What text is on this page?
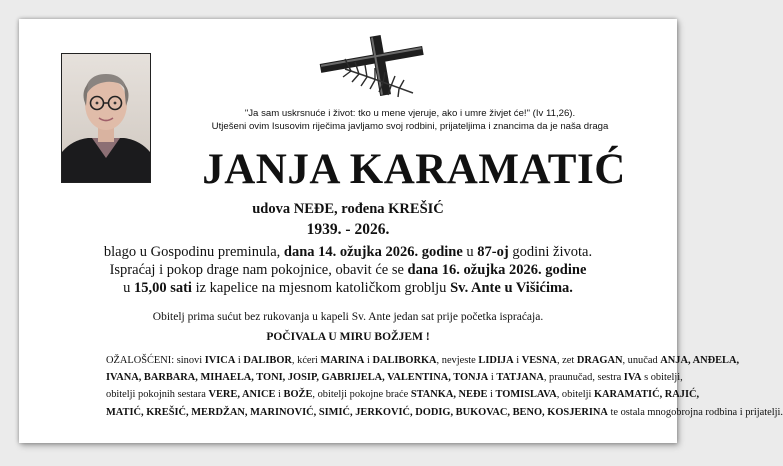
"Ja sam uskrsnuće i život: tko u mene vjeruje, ako i umre živjet će!" (Iv 11,26).
Utješeni ovim Isusovim riječima javljamo svoj rodbini, prijateljima i znancima da je naša draga
JANJA KARAMATIĆ
udova NEĐE, rođena KREŠIĆ
1939. - 2026.
blago u Gospodinu preminula, dana 14. ožujka 2026. godine u 87-oj godini života.
Ispraćaj i pokop drage nam pokojnice, obavit će se dana 16. ožujka 2026. godine
u 15,00 sati iz kapelice na mjesnom katoličkom groblju Sv. Ante u Višićima.
Obitelj prima sućut bez rukovanja u kapeli Sv. Ante jedan sat prije početka ispraćaja.
POČIVALA U MIRU BOŽJEM !
OŽALOŠĆENI: sinovi IVICA i DALIBOR, kćeri MARINA i DALIBORKA, nevjeste LIDIJA i VESNA, zet DRAGAN, unučad ANJA, ANĐELA,
IVANA, BARBARA, MIHAELA, TONI, JOSIP, GABRIJELA, VALENTINA, TONJA i TATJANA, praunučad, sestra IVA s obitelji,
obitelji pokojnih sestara VERE, ANICE i BOŽE, obitelji pokojne braće STANKA, NEĐE i TOMISLAVA, obitelji KARAMATIĆ, RAJIĆ,
MATIĆ, KREŠIĆ, MERDŽAN, MARINOVIĆ, SIMIĆ, JERKOVIĆ, DODIG, BUKOVAC, BENO, KOSJERINA te ostala mnogobrojna rodbina i prijatelji.
